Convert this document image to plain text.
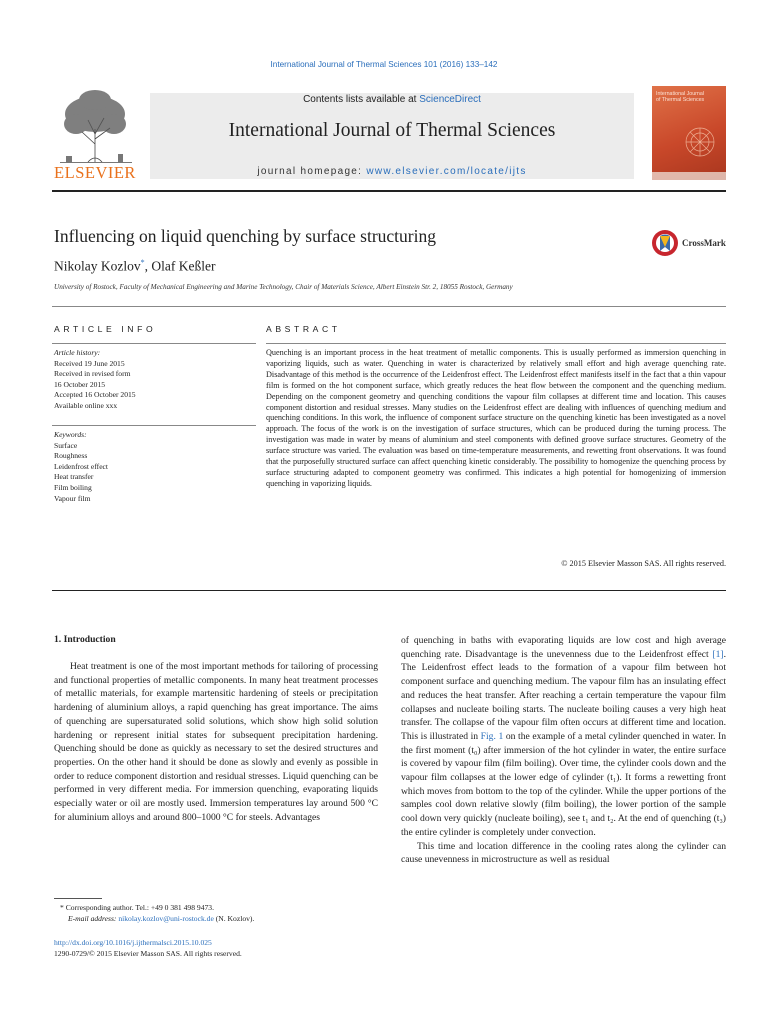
International Journal of Thermal Sciences 101 (2016) 133–142
Contents lists available at ScienceDirect
International Journal of Thermal Sciences
journal homepage: www.elsevier.com/locate/ijts
ELSEVIER
International Journal of Thermal Sciences
Influencing on liquid quenching by surface structuring	CrossMark
Nikolay Kozlov*, Olaf Keßler
University of Rostock, Faculty of Mechanical Engineering and Marine Technology, Chair of Materials Science, Albert Einstein Str. 2, 18055 Rostock, Germany
ARTICLE INFO
Article history:
Received 19 June 2015
Received in revised form
16 October 2015
Accepted 16 October 2015
Available online xxx
Keywords:
Surface
Roughness
Leidenfrost effect
Heat transfer
Film boiling
Vapour film
ABSTRACT
Quenching is an important process in the heat treatment of metallic components. This is usually performed as immersion quenching in vaporizing liquids, such as water. Quenching in water is characterized by relatively small effort and high average quenching rate. Disadvantage of this method is the occurrence of the Leidenfrost effect. The Leidenfrost effect manifests itself in the fact that a thin vapour film is formed on the hot component surface, which greatly reduces the heat flow between the component and the quenching medium. Depending on the component geometry and quenching conditions the vapour film collapses at different time and location. This causes component distortion and residual stresses. Many studies on the Leidenfrost effect are dealing with influences of quenching medium and quenching conditions. In this work, the influence of component surface structure on the quenching kinetic has been investigated as a novel approach. The focus of the work is on the investigation of surface structures, which can be produced during the turning process. The investigation was made in water by means of aluminium and steel components with defined groove surface structures. Geometry of the surface structure was varied. The evaluation was based on time-temperature measurements, and rewetting front observations. It was found that the purposefully structured surface can affect quenching kinetic considerably. The possibility to homogenize the quenching process by surface structuring adapted to component geometry was confirmed. This indicates a high potential for homogenizing of immersion quenching in vaporizing liquids.
© 2015 Elsevier Masson SAS. All rights reserved.
1. Introduction
Heat treatment is one of the most important methods for tailoring of processing and functional properties of metallic components. In many heat treatment processes of metallic materials, for example martensitic hardening of steels or precipitation hardening of aluminium alloys, a rapid quenching has great importance. The aims of quenching are supersaturated solid solutions, which show high solid solution hardening or represent initial states for subsequent precipitation hardening. Quenching should be done as quickly as necessary to set the desired structures and properties. On the other hand it should be done as slowly and evenly as possible in order to reduce component distortion and residual stresses. Liquid quenching can be performed in very different media. For immersion quenching, evaporating liquids especially water or oil are mostly used. Immersion temperatures lay around 500 °C for aluminium alloys and around 800–1000 °C for steels. Advantages

of quenching in baths with evaporating liquids are low cost and high average quenching rate. Disadvantage is the unevenness due to the Leidenfrost effect [1]. The Leidenfrost effect leads to the formation of a vapour film between hot component surface and quenching medium. The vapour film has an insulating effect and reduces the heat transfer. After reaching a certain temperature the vapour film collapses and nucleate boiling starts. The nucleate boiling causes a very high heat transfer. The collapse of the vapour film often occurs at different time and location. This is illustrated in Fig. 1 on the example of a metal cylinder quenched in water. In the first moment (t₀) after immersion of the hot cylinder in water, the entire surface is covered by vapour film (film boiling). Over time, the cylinder cools down and the vapour film collapses at the lower edge of cylinder (t₁). It forms a rewetting front which moves from bottom to the top of the cylinder. While the upper portions of the samples cool down relative slowly (film boiling), the lower portion of the sample cool down very quickly (nucleate boiling), see t₁ and t₂. At the end of quenching (t₃) the entire cylinder is completely under convection.

This time and location difference in the cooling rates along the cylinder can cause unevenness in microstructure as well as residual

* Corresponding author. Tel.: +49 0 381 498 9473.
E-mail address: nikolay.kozlov@uni-rostock.de (N. Kozlov).
http://dx.doi.org/10.1016/j.ijthermalsci.2015.10.025
1290-0729/© 2015 Elsevier Masson SAS. All rights reserved.
